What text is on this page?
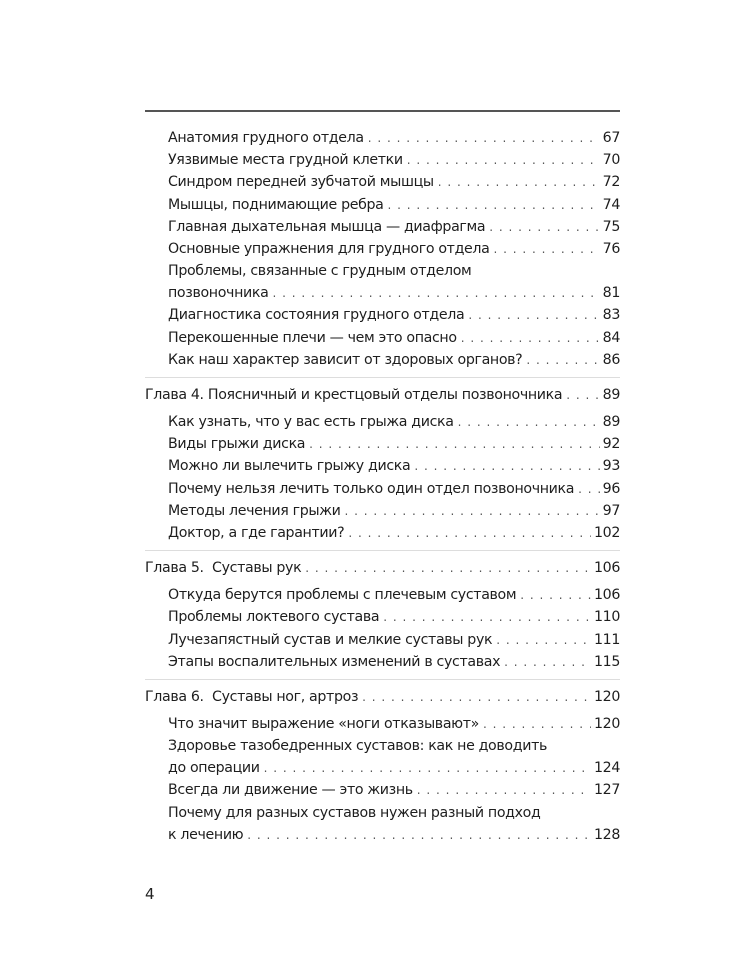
Анатомия грудного отдела . . .	67
Уязвимые места грудной клетки . . .	70
Синдром передней зубчатой мышцы . . .	72
Мышцы, поднимающие ребра . . .	74
Главная дыхательная мышца — диафрагма . . .	75
Основные упражнения для грудного отдела . . .	76
Проблемы, связанные с грудным отделом
позвоночника . . .	81
Диагностика состояния грудного отдела . . .	83
Перекошенные плечи — чем это опасно . . .	84
Как наш характер зависит от здоровых органов? . . .	86
Глава 4. Поясничный и крестцовый отделы позвоночника . . .	89
Как узнать, что у вас есть грыжа диска . . .	89
Виды грыжи диска . . .	92
Можно ли вылечить грыжу диска . . .	93
Почему нельзя лечить только один отдел позвоночника . . . 96
Методы лечения грыжи . . .	97
Доктор, а где гарантии? . . .	102
Глава 5.  Суставы рук . . .	106
Откуда берутся проблемы с плечевым суставом . . .	106
Проблемы локтевого сустава . . .	110
Лучезапястный сустав и мелкие суставы рук . . .	111
Этапы воспалительных изменений в суставах . . .	115
Глава 6.  Суставы ног, артроз . . .	120
Что значит выражение «ноги отказывают» . . .	120
Здоровье тазобедренных суставов: как не доводить
до операции . . .	124
Всегда ли движение — это жизнь . . .	127
Почему для разных суставов нужен разный подход
к лечению . . .	128
4
